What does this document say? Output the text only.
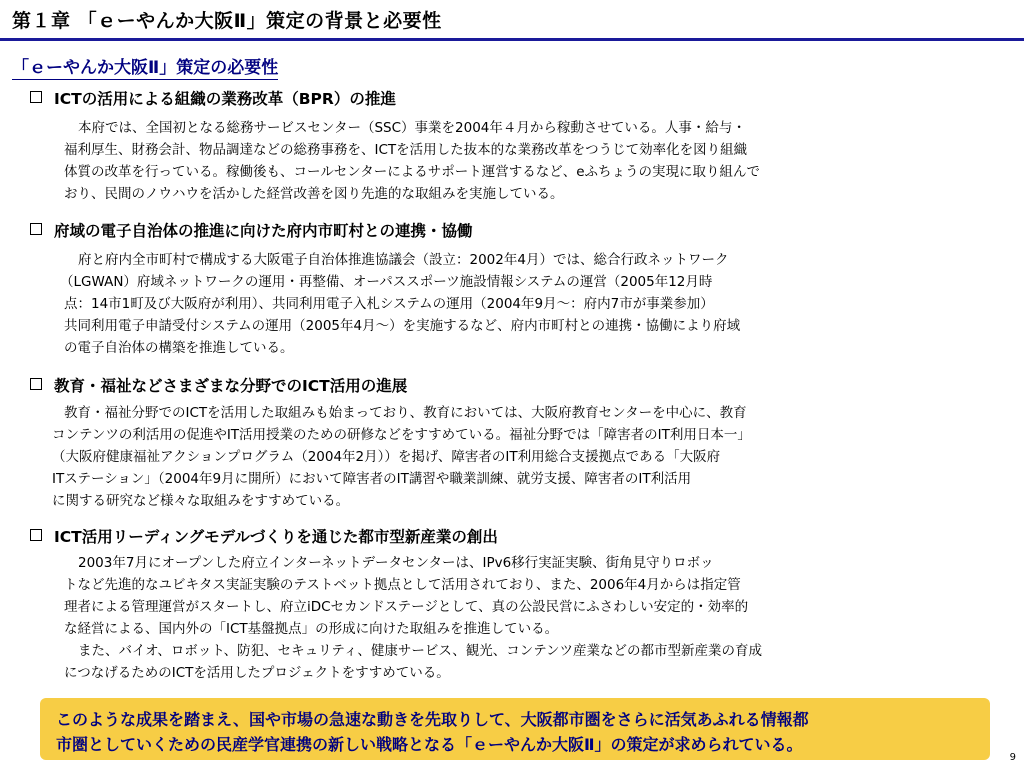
第１章 「ｅーやんか大阪Ⅱ」策定の背景と必要性
「ｅーやんか大阪Ⅱ」策定の必要性
ICTの活用による組織の業務改革（BPR）の推進
本府では、全国初となる総務サービスセンター（SSC）事業を2004年４月から稼動させている。人事・給与・
福利厚生、財務会計、物品調達などの総務事務を、ICTを活用した抜本的な業務改革をつうじて効率化を図り組織
体質の改革を行っている。稼働後も、コールセンターによるサポート運営するなど、eふちょうの実現に取り組んで
おり、民間のノウハウを活かした経営改善を図り先進的な取組みを実施している。
府域の電子自治体の推進に向けた府内市町村との連携・協働
府と府内全市町村で構成する大阪電子自治体推進協議会（設立：2002年4月）では、総合行政ネットワーク
（LGWAN）府域ネットワークの運用・再整備、オーパススポーツ施設情報システムの運営（2005年12月時
点：14市1町及び大阪府が利用）、共同利用電子入札システムの運用（2004年9月～：府内7市が事業参加）
共同利用電子申請受付システムの運用（2005年4月～）を実施するなど、府内市町村との連携・協働により府域
の電子自治体の構築を推進している。
教育・福祉などさまざまな分野でのICT活用の進展
教育・福祉分野でのICTを活用した取組みも始まっており、教育においては、大阪府教育センターを中心に、教育
コンテンツの利活用の促進やIT活用授業のための研修などをすすめている。福祉分野では「障害者のIT利用日本一」
（大阪府健康福祉アクションプログラム（2004年2月））を掲げ、障害者のIT利用総合支援拠点である「大阪府
ITステーション」（2004年9月に開所）において障害者のIT講習や職業訓練、就労支援、障害者のIT利活用
に関する研究など様々な取組みをすすめている。
ICT活用リーディングモデルづくりを通じた都市型新産業の創出
2003年7月にオープンした府立インターネットデータセンターは、IPv6移行実証実験、街角見守りロボッ
トなど先進的なユビキタス実証実験のテストベット拠点として活用されており、また、2006年4月からは指定管
理者による管理運営がスタートし、府立iDCセカンドステージとして、真の公設民営にふさわしい安定的・効率的
な経営による、国内外の「ICT基盤拠点」の形成に向けた取組みを推進している。
また、バイオ、ロボット、防犯、セキュリティ、健康サービス、観光、コンテンツ産業などの都市型新産業の育成
につなげるためのICTを活用したプロジェクトをすすめている。
このような成果を踏まえ、国や市場の急速な動きを先取りして、大阪都市圏をさらに活気あふれる情報都
市圏としていくための民産学官連携の新しい戦略となる「ｅーやんか大阪Ⅱ」の策定が求められている。
9
